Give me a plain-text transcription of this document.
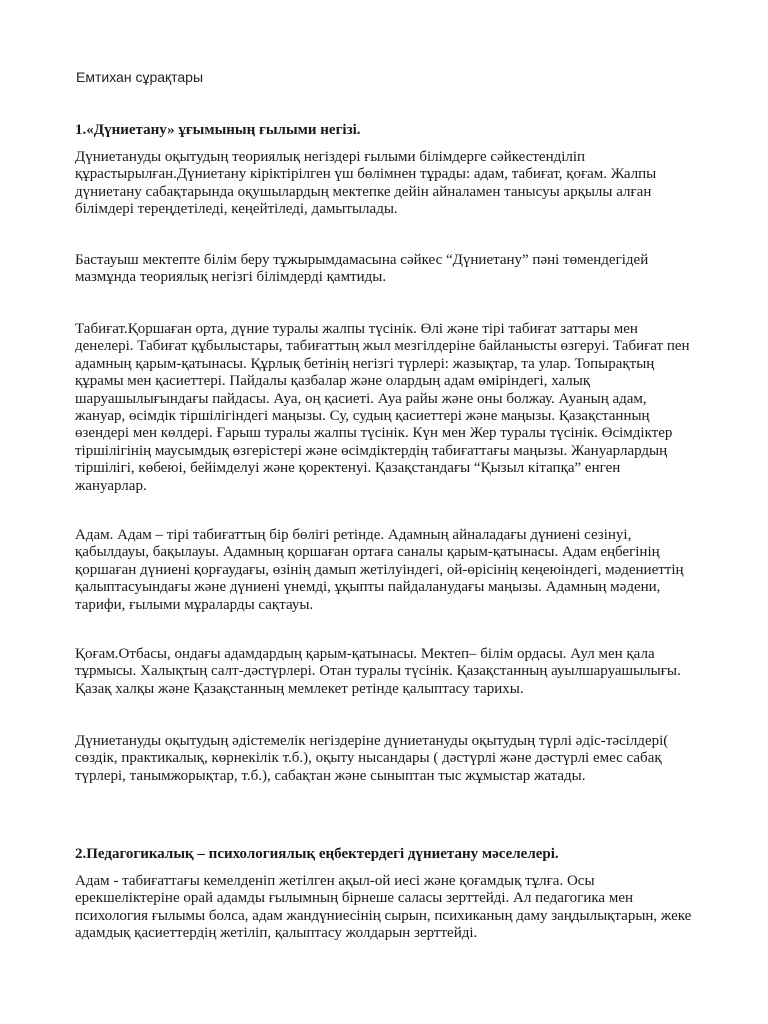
Емтихан сұрақтары
1.«Дүниетану» ұғымының ғылыми негізі.
Дүниетануды оқытудың теориялық негіздері ғылыми білімдерге сәйкестенділіп
құрастырылған.Дүниетану кіріктірілген үш бөлімнен тұрады: адам, табиғат, қоғам. Жалпы
дүниетану сабақтарында оқушылардың мектепке дейін айналамен танысуы арқылы алған
білімдері тереңдетіледі, кеңейтіледі, дамытылады.
Бастауыш мектепте білім беру тұжырымдамасына сәйкес “Дүниетану” пәні төмендегідей
мазмұнда теориялық негізгі білімдерді қамтиды.
Табиғат.Қоршаған орта, дүние туралы жалпы түсінік. Өлі және тірі табиғат заттары мен
денелері. Табиғат құбылыстары, табиғаттың жыл мезгілдеріне байланысты өзгеруі. Табиғат пен
адамның қарым-қатынасы. Құрлық бетінің негізгі түрлері: жазықтар, та улар. Топырақтың
құрамы мен қасиеттері. Пайдалы қазбалар және олардың адам өміріндегі, халық
шаруашылығындағы пайдасы. Ауа, оң қасиеті. Ауа райы және оны болжау. Ауаның адам,
жануар, өсімдік тіршілігіндегі маңызы. Су, судың қасиеттері және маңызы. Қазақстанның
өзендері мен көлдері. Ғарыш туралы жалпы түсінік. Күн мен Жер туралы түсінік. Өсімдіктер
тіршілігінің маусымдық өзгерістері және өсімдіктердің табиғаттағы маңызы. Жануарлардың
тіршілігі, көбеюі, бейімделуі және қоректенуі. Қазақстандағы “Қызыл кітапқа” енген
жануарлар.
Адам. Адам – тірі табиғаттың бір бөлігі ретінде. Адамның айналадағы дүниені сезінуі,
қабылдауы, бақылауы. Адамның қоршаған ортаға саналы қарым-қатынасы. Адам еңбегінің
қоршаған дүниені қорғаудағы, өзінің дамып жетілуіндегі, ой-өрісінің кеңеюіндегі, мәдениеттің
қалыптасуындағы және дүниені үнемді, ұқыпты пайдаланудағы маңызы. Адамның мәдени,
тарифи, ғылыми мұраларды сақтауы.
Қоғам.Отбасы, ондағы адамдардың қарым-қатынасы. Мектеп– білім ордасы. Аул мен қала
тұрмысы. Халықтың салт-дәстүрлері. Отан туралы түсінік. Қазақстанның ауылшаруашылығы.
Қазақ халқы және Қазақстанның мемлекет ретінде қалыптасу тарихы.
Дүниетануды оқытудың әдістемелік негіздеріне дүниетануды оқытудың түрлі әдіс-тәсілдері(
сөздік, практикалық, көрнекілік т.б.), оқыту нысандары ( дәстүрлі және дәстүрлі емес сабақ
түрлері, танымжорықтар, т.б.), сабақтан және сыныптан тыс жұмыстар жатады.
2.Педагогикалық – психологиялық еңбектердегі дүниетану мәселелері.
Адам - табиғаттағы кемелденіп жетілген ақыл-ой иесі және қоғамдық тұлға. Осы
ерекшеліктеріне орай адамды ғылымның бірнеше саласы зерттейді. Ал педагогика мен
психология ғылымы болса, адам жандүниесінің сырын, психиканың даму заңдылықтарын, жеке
адамдық қасиеттердің жетіліп, қалыптасу жолдарын зерттейді.
